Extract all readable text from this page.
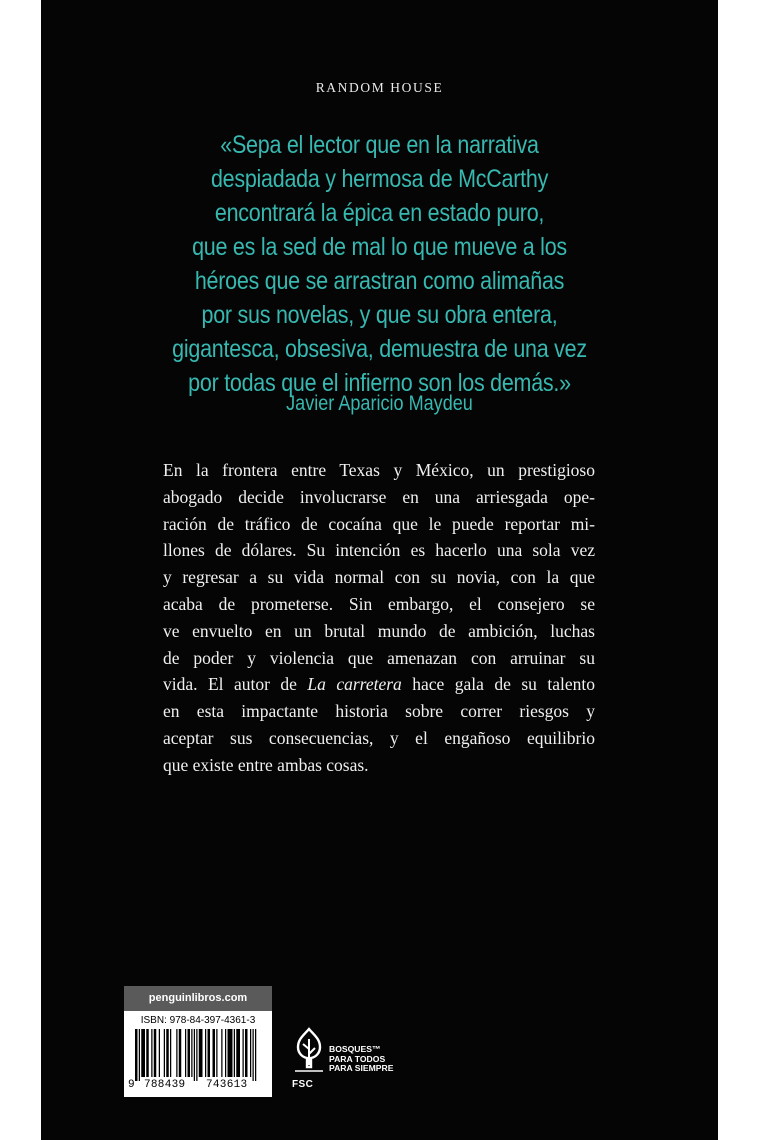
RANDOM HOUSE
«Sepa el lector que en la narrativa
despiadada y hermosa de McCarthy
encontrará la épica en estado puro,
que es la sed de mal lo que mueve a los
héroes que se arrastran como alimañas
por sus novelas, y que su obra entera,
gigantesca, obsesiva, demuestra de una vez
por todas que el infierno son los demás.»
Javier Aparicio Maydeu
En la frontera entre Texas y México, un prestigioso
abogado decide involucrarse en una arriesgada ope-
ración de tráfico de cocaína que le puede reportar mi-
llones de dólares. Su intención es hacerlo una sola vez
y regresar a su vida normal con su novia, con la que
acaba de prometerse. Sin embargo, el consejero se
ve envuelto en un brutal mundo de ambición, luchas
de poder y violencia que amenazan con arruinar su
vida. El autor de La carretera hace gala de su talento
en esta impactante historia sobre correr riesgos y
aceptar sus consecuencias, y el engañoso equilibrio
que existe entre ambas cosas.
penguinlibros.com
ISBN: 978-84-397-4361-3
9 788439 743613	FSC
BOSQUES™
PARA TODOS
PARA SIEMPRE
